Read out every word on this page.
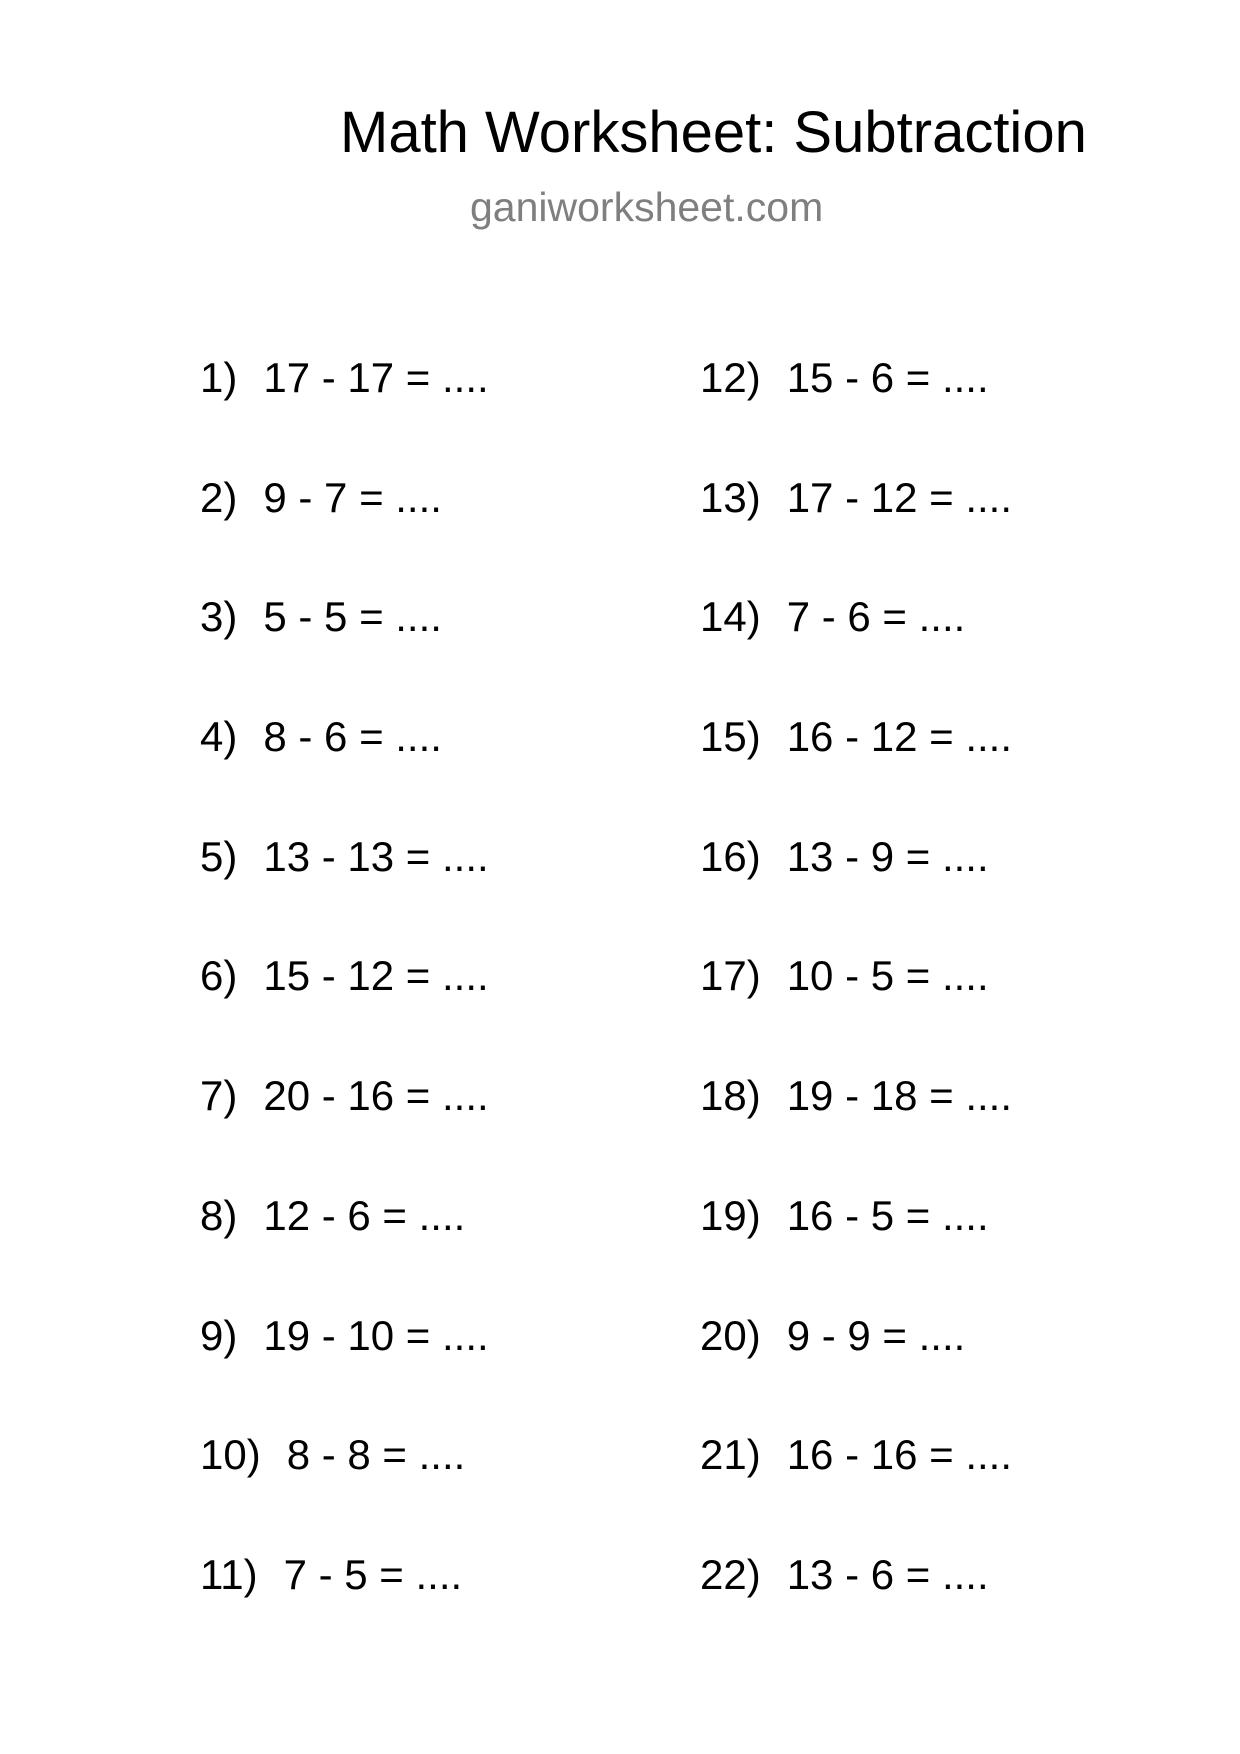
Math Worksheet: Subtraction
ganiworksheet.com
1) 17 - 17 = ....
2) 9 - 7 = ....
3) 5 - 5 = ....
4) 8 - 6 = ....
5) 13 - 13 = ....
6) 15 - 12 = ....
7) 20 - 16 = ....
8) 12 - 6 = ....
9) 19 - 10 = ....
10) 8 - 8 = ....
11) 7 - 5 = ....
12) 15 - 6 = ....
13) 17 - 12 = ....
14) 7 - 6 = ....
15) 16 - 12 = ....
16) 13 - 9 = ....
17) 10 - 5 = ....
18) 19 - 18 = ....
19) 16 - 5 = ....
20) 9 - 9 = ....
21) 16 - 16 = ....
22) 13 - 6 = ....
